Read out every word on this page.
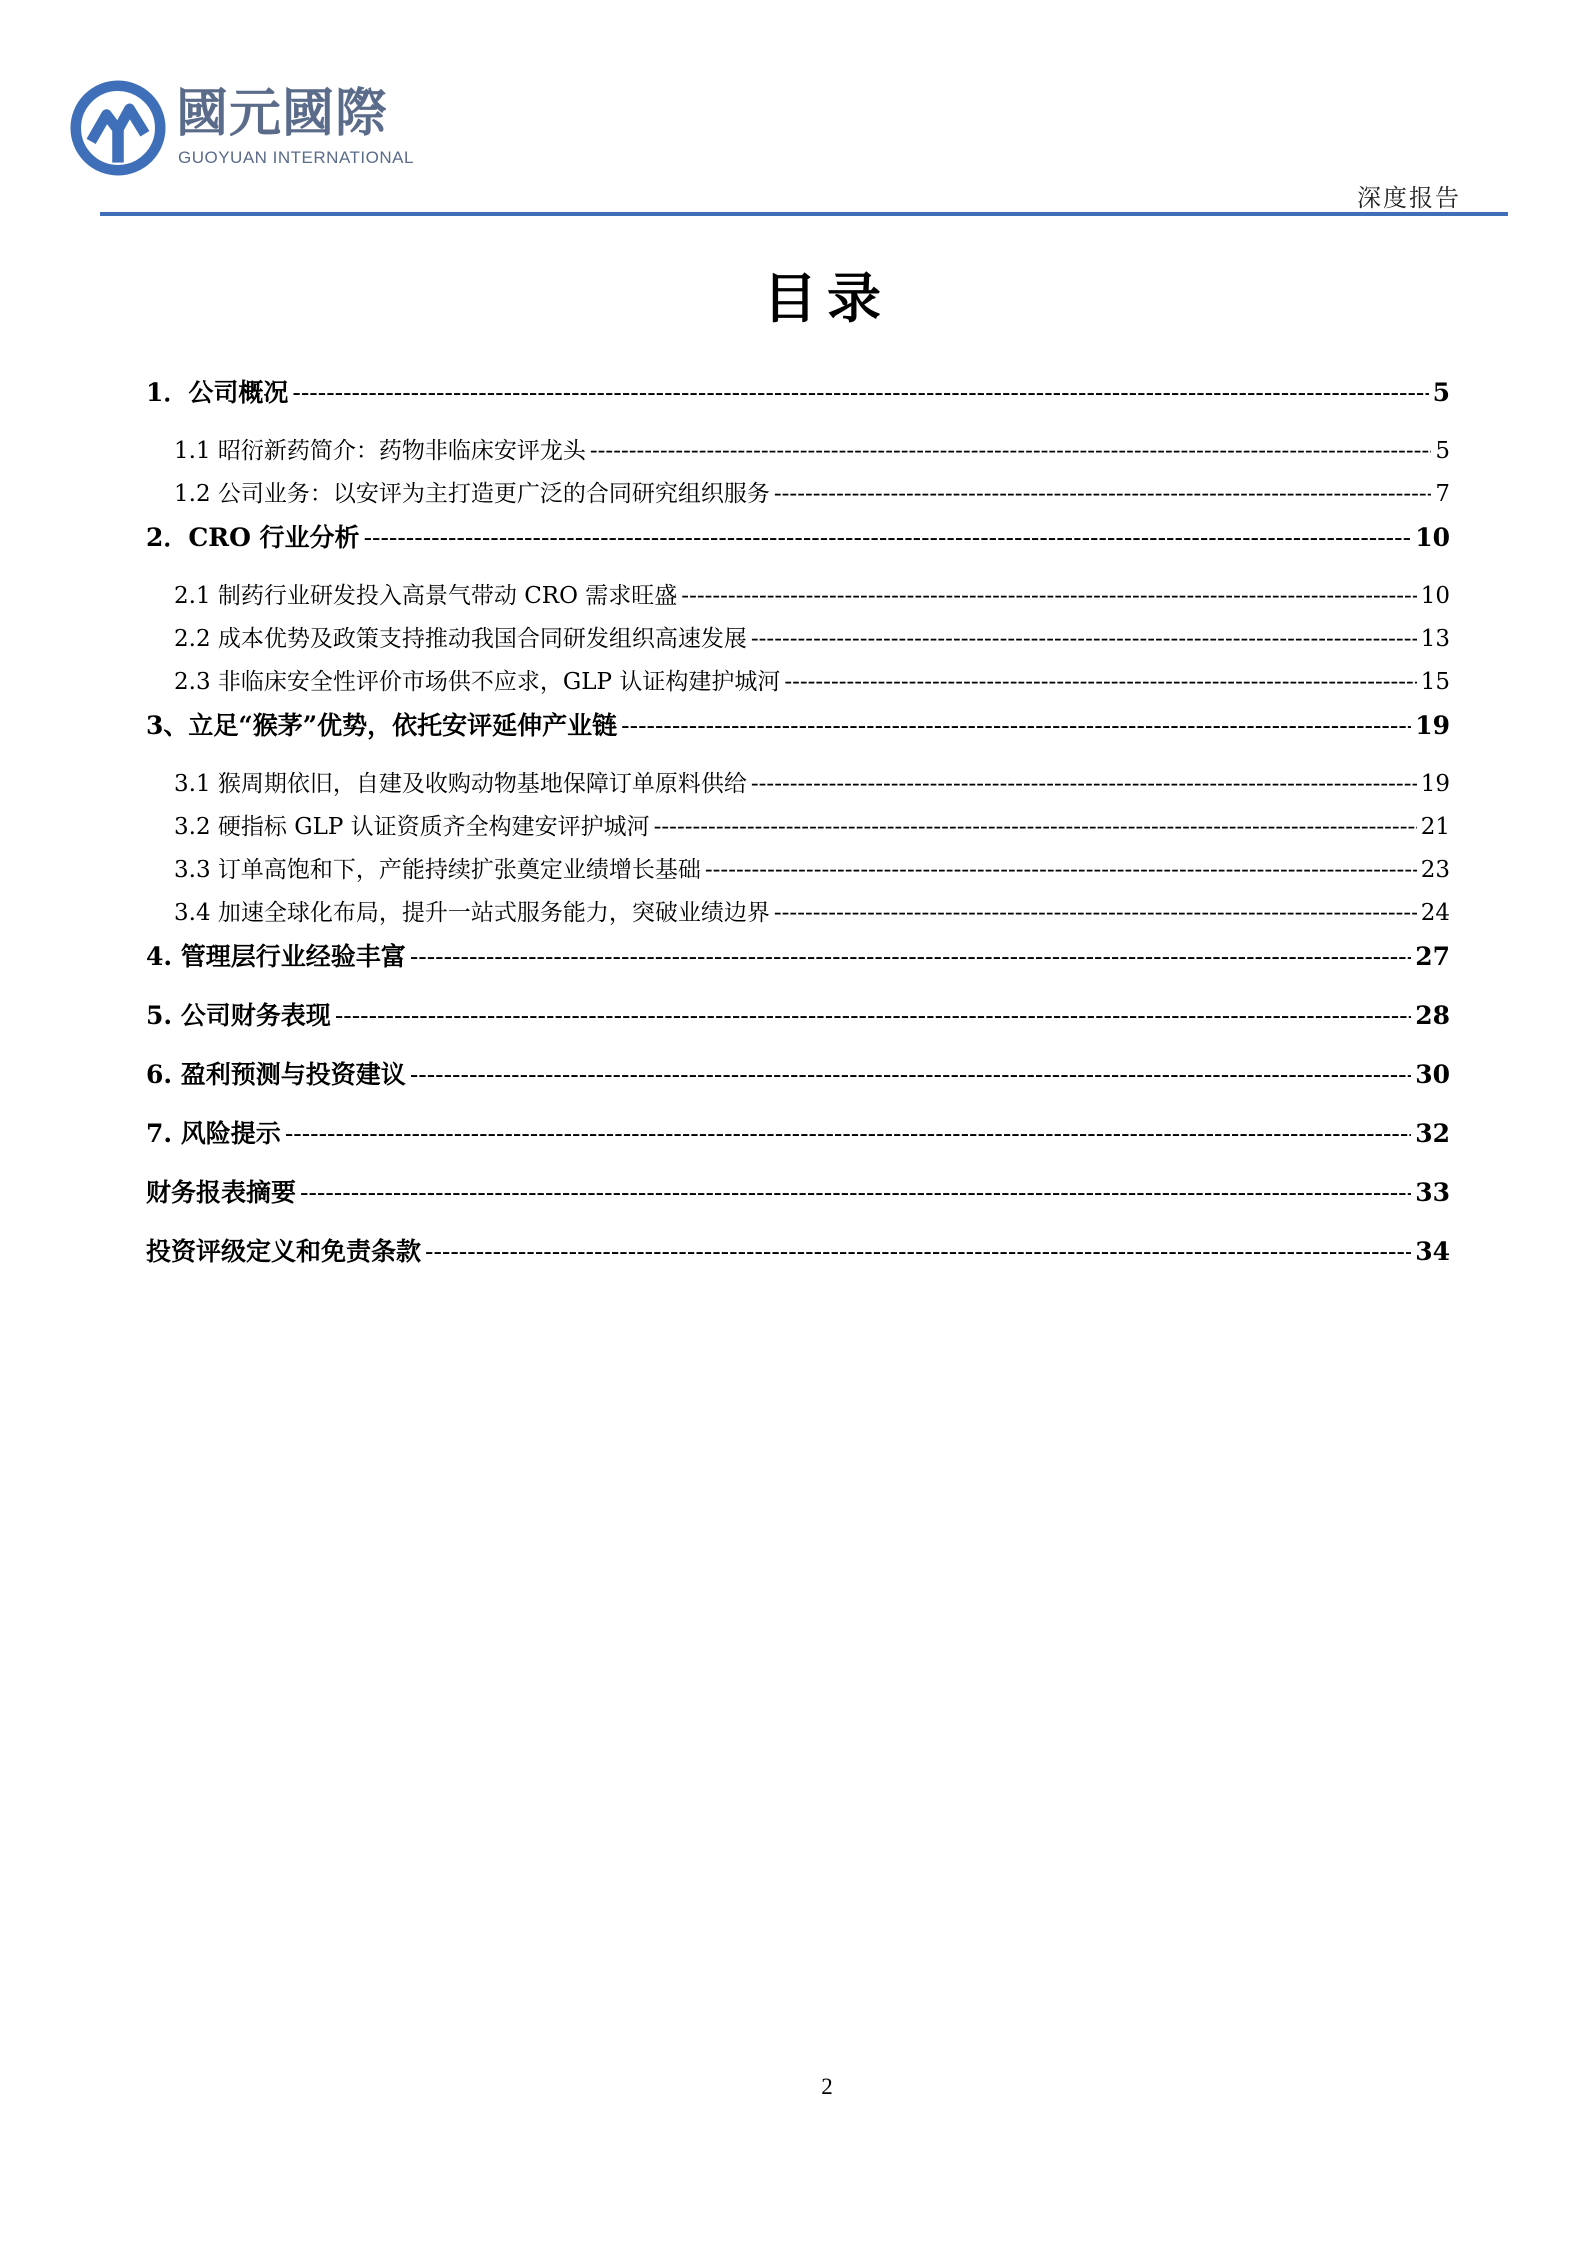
國元國際
GUOYUAN INTERNATIONAL
深度报告
目录
1．公司概况 -----	5
1.1 昭衍新药简介：药物非临床安评龙头 -----	5
1.2 公司业务：以安评为主打造更广泛的合同研究组织服务 -----	7
2．CRO 行业分析 -----	10
2.1 制药行业研发投入高景气带动 CRO 需求旺盛 -----	10
2.2 成本优势及政策支持推动我国合同研发组织高速发展 -----	13
2.3 非临床安全性评价市场供不应求，GLP 认证构建护城河 -----	15
3、立足“猴茅”优势，依托安评延伸产业链 -----	19
3.1 猴周期依旧，自建及收购动物基地保障订单原料供给 -----	19
3.2 硬指标 GLP 认证资质齐全构建安评护城河 -----	21
3.3 订单高饱和下，产能持续扩张奠定业绩增长基础 -----	23
3.4 加速全球化布局，提升一站式服务能力，突破业绩边界 -----	24
4. 管理层行业经验丰富 -----	27
5. 公司财务表现 -----	28
6. 盈利预测与投资建议 -----	30
7. 风险提示 -----	32
财务报表摘要 -----	33
投资评级定义和免责条款 -----	34
2
